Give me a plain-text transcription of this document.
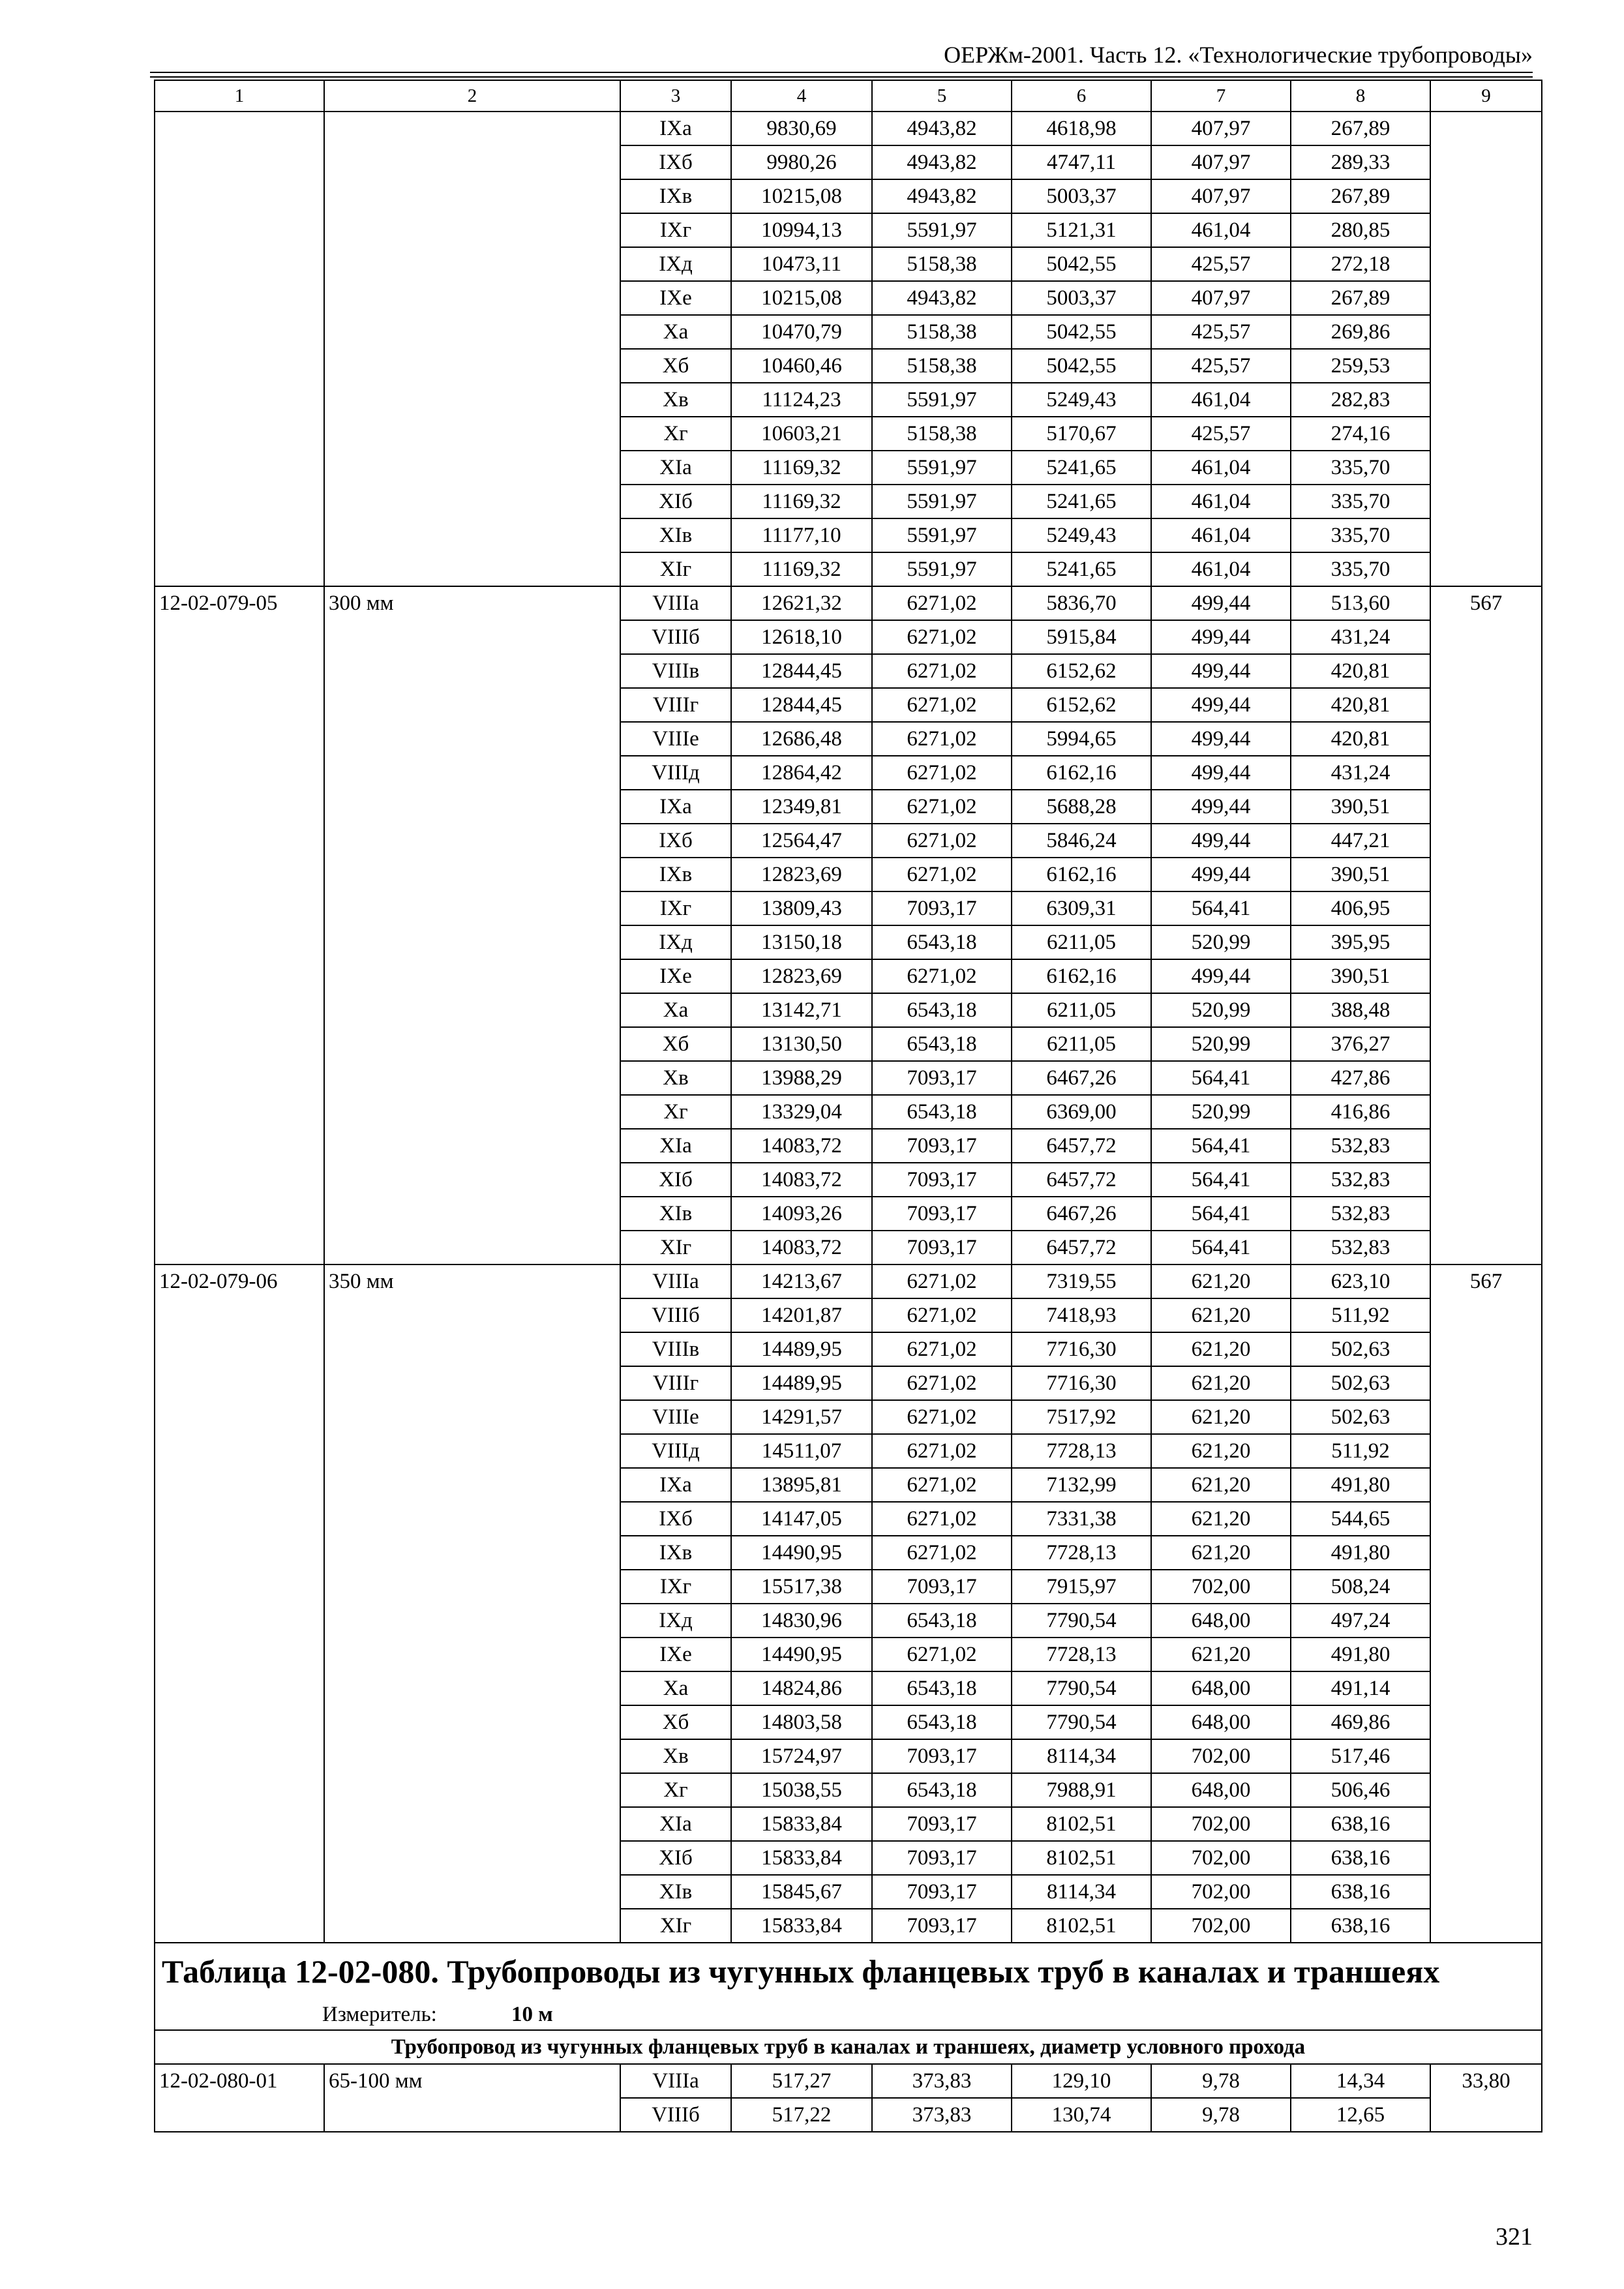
ОЕРЖм-2001. Часть 12. «Технологические трубопроводы»
1	2	3	4	5	6	7	8	9
		IXа	9830,69	4943,82	4618,98	407,97	267,89	
		IXб	9980,26	4943,82	4747,11	407,97	289,33	
		IXв	10215,08	4943,82	5003,37	407,97	267,89	
		IXг	10994,13	5591,97	5121,31	461,04	280,85	
		IXд	10473,11	5158,38	5042,55	425,57	272,18	
		IXе	10215,08	4943,82	5003,37	407,97	267,89	
		Xа	10470,79	5158,38	5042,55	425,57	269,86	
		Xб	10460,46	5158,38	5042,55	425,57	259,53	
		Xв	11124,23	5591,97	5249,43	461,04	282,83	
		Xг	10603,21	5158,38	5170,67	425,57	274,16	
		XIа	11169,32	5591,97	5241,65	461,04	335,70	
		XIб	11169,32	5591,97	5241,65	461,04	335,70	
		XIв	11177,10	5591,97	5249,43	461,04	335,70	
		XIг	11169,32	5591,97	5241,65	461,04	335,70	
12-02-079-05	300 мм	VIIIа	12621,32	6271,02	5836,70	499,44	513,60	567
		VIIIб	12618,10	6271,02	5915,84	499,44	431,24	
		VIIIв	12844,45	6271,02	6152,62	499,44	420,81	
		VIIIг	12844,45	6271,02	6152,62	499,44	420,81	
		VIIIе	12686,48	6271,02	5994,65	499,44	420,81	
		VIIIд	12864,42	6271,02	6162,16	499,44	431,24	
		IXа	12349,81	6271,02	5688,28	499,44	390,51	
		IXб	12564,47	6271,02	5846,24	499,44	447,21	
		IXв	12823,69	6271,02	6162,16	499,44	390,51	
		IXг	13809,43	7093,17	6309,31	564,41	406,95	
		IXд	13150,18	6543,18	6211,05	520,99	395,95	
		IXе	12823,69	6271,02	6162,16	499,44	390,51	
		Xа	13142,71	6543,18	6211,05	520,99	388,48	
		Xб	13130,50	6543,18	6211,05	520,99	376,27	
		Xв	13988,29	7093,17	6467,26	564,41	427,86	
		Xг	13329,04	6543,18	6369,00	520,99	416,86	
		XIа	14083,72	7093,17	6457,72	564,41	532,83	
		XIб	14083,72	7093,17	6457,72	564,41	532,83	
		XIв	14093,26	7093,17	6467,26	564,41	532,83	
		XIг	14083,72	7093,17	6457,72	564,41	532,83	
12-02-079-06	350 мм	VIIIа	14213,67	6271,02	7319,55	621,20	623,10	567
		VIIIб	14201,87	6271,02	7418,93	621,20	511,92	
		VIIIв	14489,95	6271,02	7716,30	621,20	502,63	
		VIIIг	14489,95	6271,02	7716,30	621,20	502,63	
		VIIIе	14291,57	6271,02	7517,92	621,20	502,63	
		VIIIд	14511,07	6271,02	7728,13	621,20	511,92	
		IXа	13895,81	6271,02	7132,99	621,20	491,80	
		IXб	14147,05	6271,02	7331,38	621,20	544,65	
		IXв	14490,95	6271,02	7728,13	621,20	491,80	
		IXг	15517,38	7093,17	7915,97	702,00	508,24	
		IXд	14830,96	6543,18	7790,54	648,00	497,24	
		IXе	14490,95	6271,02	7728,13	621,20	491,80	
		Xа	14824,86	6543,18	7790,54	648,00	491,14	
		Xб	14803,58	6543,18	7790,54	648,00	469,86	
		Xв	15724,97	7093,17	8114,34	702,00	517,46	
		Xг	15038,55	6543,18	7988,91	648,00	506,46	
		XIа	15833,84	7093,17	8102,51	702,00	638,16	
		XIб	15833,84	7093,17	8102,51	702,00	638,16	
		XIв	15845,67	7093,17	8114,34	702,00	638,16	
		XIг	15833,84	7093,17	8102,51	702,00	638,16	
Таблица 12-02-080. Трубопроводы из чугунных фланцевых труб в каналах и траншеях								
Измеритель: 10 м								
Трубопровод из чугунных фланцевых труб в каналах и траншеях, диаметр условного прохода								
12-02-080-01	65-100 мм	VIIIа	517,27	373,83	129,10	9,78	14,34	33,80
		VIIIб	517,22	373,83	130,74	9,78	12,65	
321
